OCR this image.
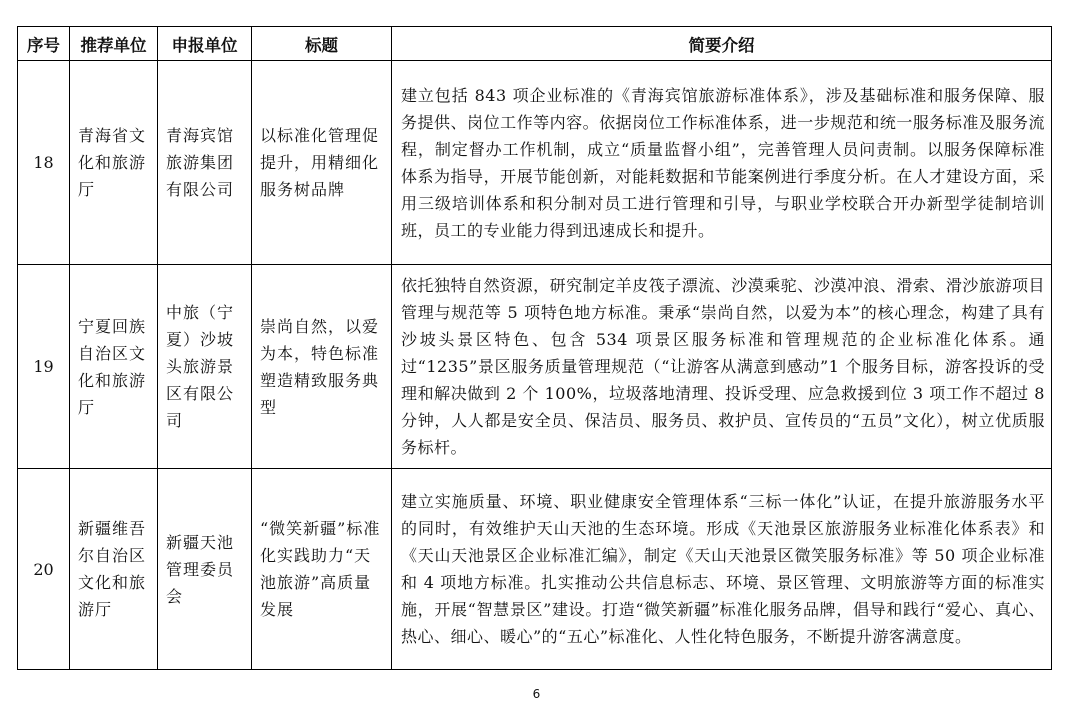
序号	推荐单位	申报单位	标题	简要介绍
18	青海省文化和旅游厅	青海宾馆旅游集团有限公司	以标准化管理促提升，用精细化服务树品牌	建立包括 843 项企业标准的《青海宾馆旅游标准体系》，涉及基础标准和服务保障、服务提供、岗位工作等内容。依据岗位工作标准体系，进一步规范和统一服务标准及服务流程，制定督办工作机制，成立“质量监督小组”，完善管理人员问责制。以服务保障标准体系为指导，开展节能创新，对能耗数据和节能案例进行季度分析。在人才建设方面，采用三级培训体系和积分制对员工进行管理和引导，与职业学校联合开办新型学徒制培训班，员工的专业能力得到迅速成长和提升。
19	宁夏回族自治区文化和旅游厅	中旅（宁夏）沙坡头旅游景区有限公司	崇尚自然，以爱为本，特色标准塑造精致服务典型	依托独特自然资源，研究制定羊皮筏子漂流、沙漠乘驼、沙漠冲浪、滑索、滑沙旅游项目管理与规范等 5 项特色地方标准。秉承“崇尚自然，以爱为本”的核心理念，构建了具有沙坡头景区特色、包含 534 项景区服务标准和管理规范的企业标准化体系。通过“1235”景区服务质量管理规范（“让游客从满意到感动”1 个服务目标，游客投诉的受理和解决做到 2 个 100%，垃圾落地清理、投诉受理、应急救援到位 3 项工作不超过 8 分钟，人人都是安全员、保洁员、服务员、救护员、宣传员的“五员”文化），树立优质服务标杆。
20	新疆维吾尔自治区文化和旅游厅	新疆天池管理委员会	“微笑新疆”标准化实践助力“天池旅游”高质量发展	建立实施质量、环境、职业健康安全管理体系“三标一体化”认证，在提升旅游服务水平的同时，有效维护天山天池的生态环境。形成《天池景区旅游服务业标准化体系表》和《天山天池景区企业标准汇编》，制定《天山天池景区微笑服务标准》等 50 项企业标准和 4 项地方标准。扎实推动公共信息标志、环境、景区管理、文明旅游等方面的标准实施，开展“智慧景区”建设。打造“微笑新疆”标准化服务品牌，倡导和践行“爱心、真心、热心、细心、暖心”的“五心”标准化、人性化特色服务，不断提升游客满意度。
6
